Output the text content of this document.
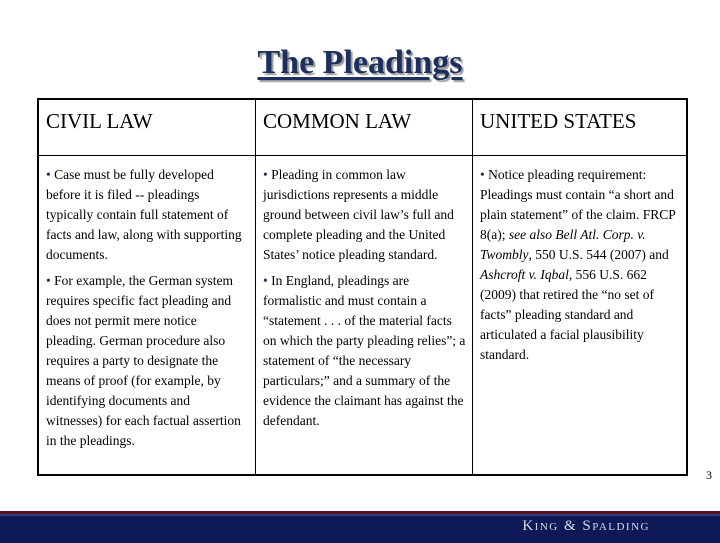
The Pleadings
CIVIL LAW	COMMON LAW	UNITED STATES

• Case must be fully developed before it is filed -- pleadings typically contain full statement of facts and law, along with supporting documents.

• For example, the German system requires specific fact pleading and does not permit mere notice pleading. German procedure also requires a party to designate the means of proof (for example, by identifying documents and witnesses) for each factual assertion in the pleadings.

• Pleading in common law jurisdictions represents a middle ground between civil law’s full and complete pleading and the United States’ notice pleading standard.

• In England, pleadings are formalistic and must contain a “statement . . . of the material facts on which the party pleading relies”; a statement of “the necessary particulars;” and a summary of the evidence the claimant has against the defendant.

• Notice pleading requirement: Pleadings must contain “a short and plain statement” of the claim. FRCP 8(a); see also Bell Atl. Corp. v. Twombly, 550 U.S. 544 (2007) and Ashcroft v. Iqbal, 556 U.S. 662 (2009) that retired the “no set of facts” pleading standard and articulated a facial plausibility standard.

3
King & Spalding
